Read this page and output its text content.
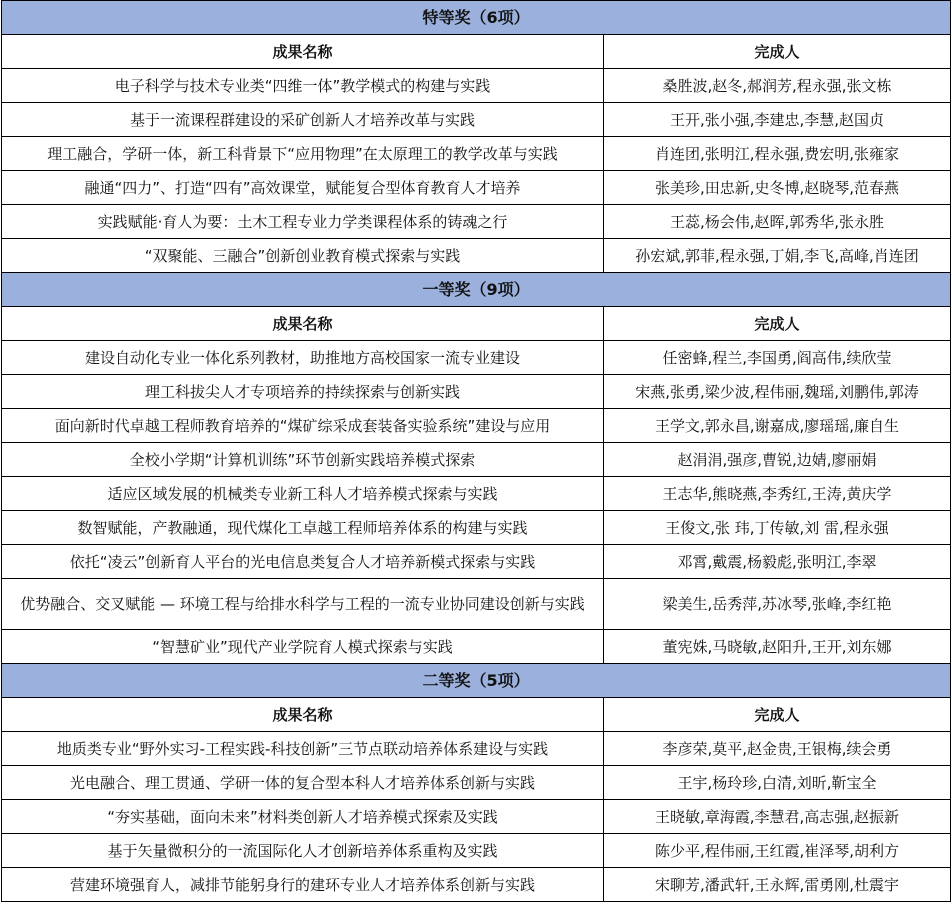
特等奖（6项）	
成果名称	完成人
电子科学与技术专业类“四维一体”教学模式的构建与实践	桑胜波,赵冬,郝润芳,程永强,张文栋
基于一流课程群建设的采矿创新人才培养改革与实践	王开,张小强,李建忠,李慧,赵国贞
理工融合，学研一体，新工科背景下“应用物理”在太原理工的教学改革与实践	肖连团,张明江,程永强,费宏明,张雍家
融通“四力”、打造“四有”高效课堂，赋能复合型体育教育人才培养	张美珍,田忠新,史冬博,赵晓琴,范春燕
实践赋能·育人为要：土木工程专业力学类课程体系的铸魂之行	王蕊,杨会伟,赵晖,郭秀华,张永胜
“双聚能、三融合”创新创业教育模式探索与实践	孙宏斌,郭菲,程永强,丁娟,李飞,高峰,肖连团
一等奖（9项）	
成果名称	完成人
建设自动化专业一体化系列教材，助推地方高校国家一流专业建设	任密蜂,程兰,李国勇,阎高伟,续欣莹
理工科拔尖人才专项培养的持续探索与创新实践	宋燕,张勇,梁少波,程伟丽,魏瑶,刘鹏伟,郭涛
面向新时代卓越工程师教育培养的“煤矿综采成套装备实验系统”建设与应用	王学文,郭永昌,谢嘉成,廖瑶瑶,廉自生
全校小学期“计算机训练”环节创新实践培养模式探索	赵涓涓,强彦,曹锐,边婧,廖丽娟
适应区域发展的机械类专业新工科人才培养模式探索与实践	王志华,熊晓燕,李秀红,王涛,黄庆学
数智赋能，产教融通，现代煤化工卓越工程师培养体系的构建与实践	王俊文,张 玮,丁传敏,刘 雷,程永强
依托“凌云”创新育人平台的光电信息类复合人才培养新模式探索与实践	邓霄,戴震,杨毅彪,张明江,李翠
优势融合、交叉赋能 — 环境工程与给排水科学与工程的一流专业协同建设创新与实践	梁美生,岳秀萍,苏冰琴,张峰,李红艳
“智慧矿业”现代产业学院育人模式探索与实践	董宪姝,马晓敏,赵阳升,王开,刘东娜
二等奖（5项）	
成果名称	完成人
地质类专业“野外实习-工程实践-科技创新”三节点联动培养体系建设与实践	李彦荣,莫平,赵金贵,王银梅,续会勇
光电融合、理工贯通、学研一体的复合型本科人才培养体系创新与实践	王宇,杨玲珍,白清,刘昕,靳宝全
“夯实基础，面向未来”材料类创新人才培养模式探索及实践	王晓敏,章海霞,李慧君,高志强,赵振新
基于矢量微积分的一流国际化人才创新培养体系重构及实践	陈少平,程伟丽,王红霞,崔泽琴,胡利方
营建环境强育人，减排节能躬身行的建环专业人才培养体系创新与实践	宋聊芳,潘武轩,王永辉,雷勇刚,杜震宇
